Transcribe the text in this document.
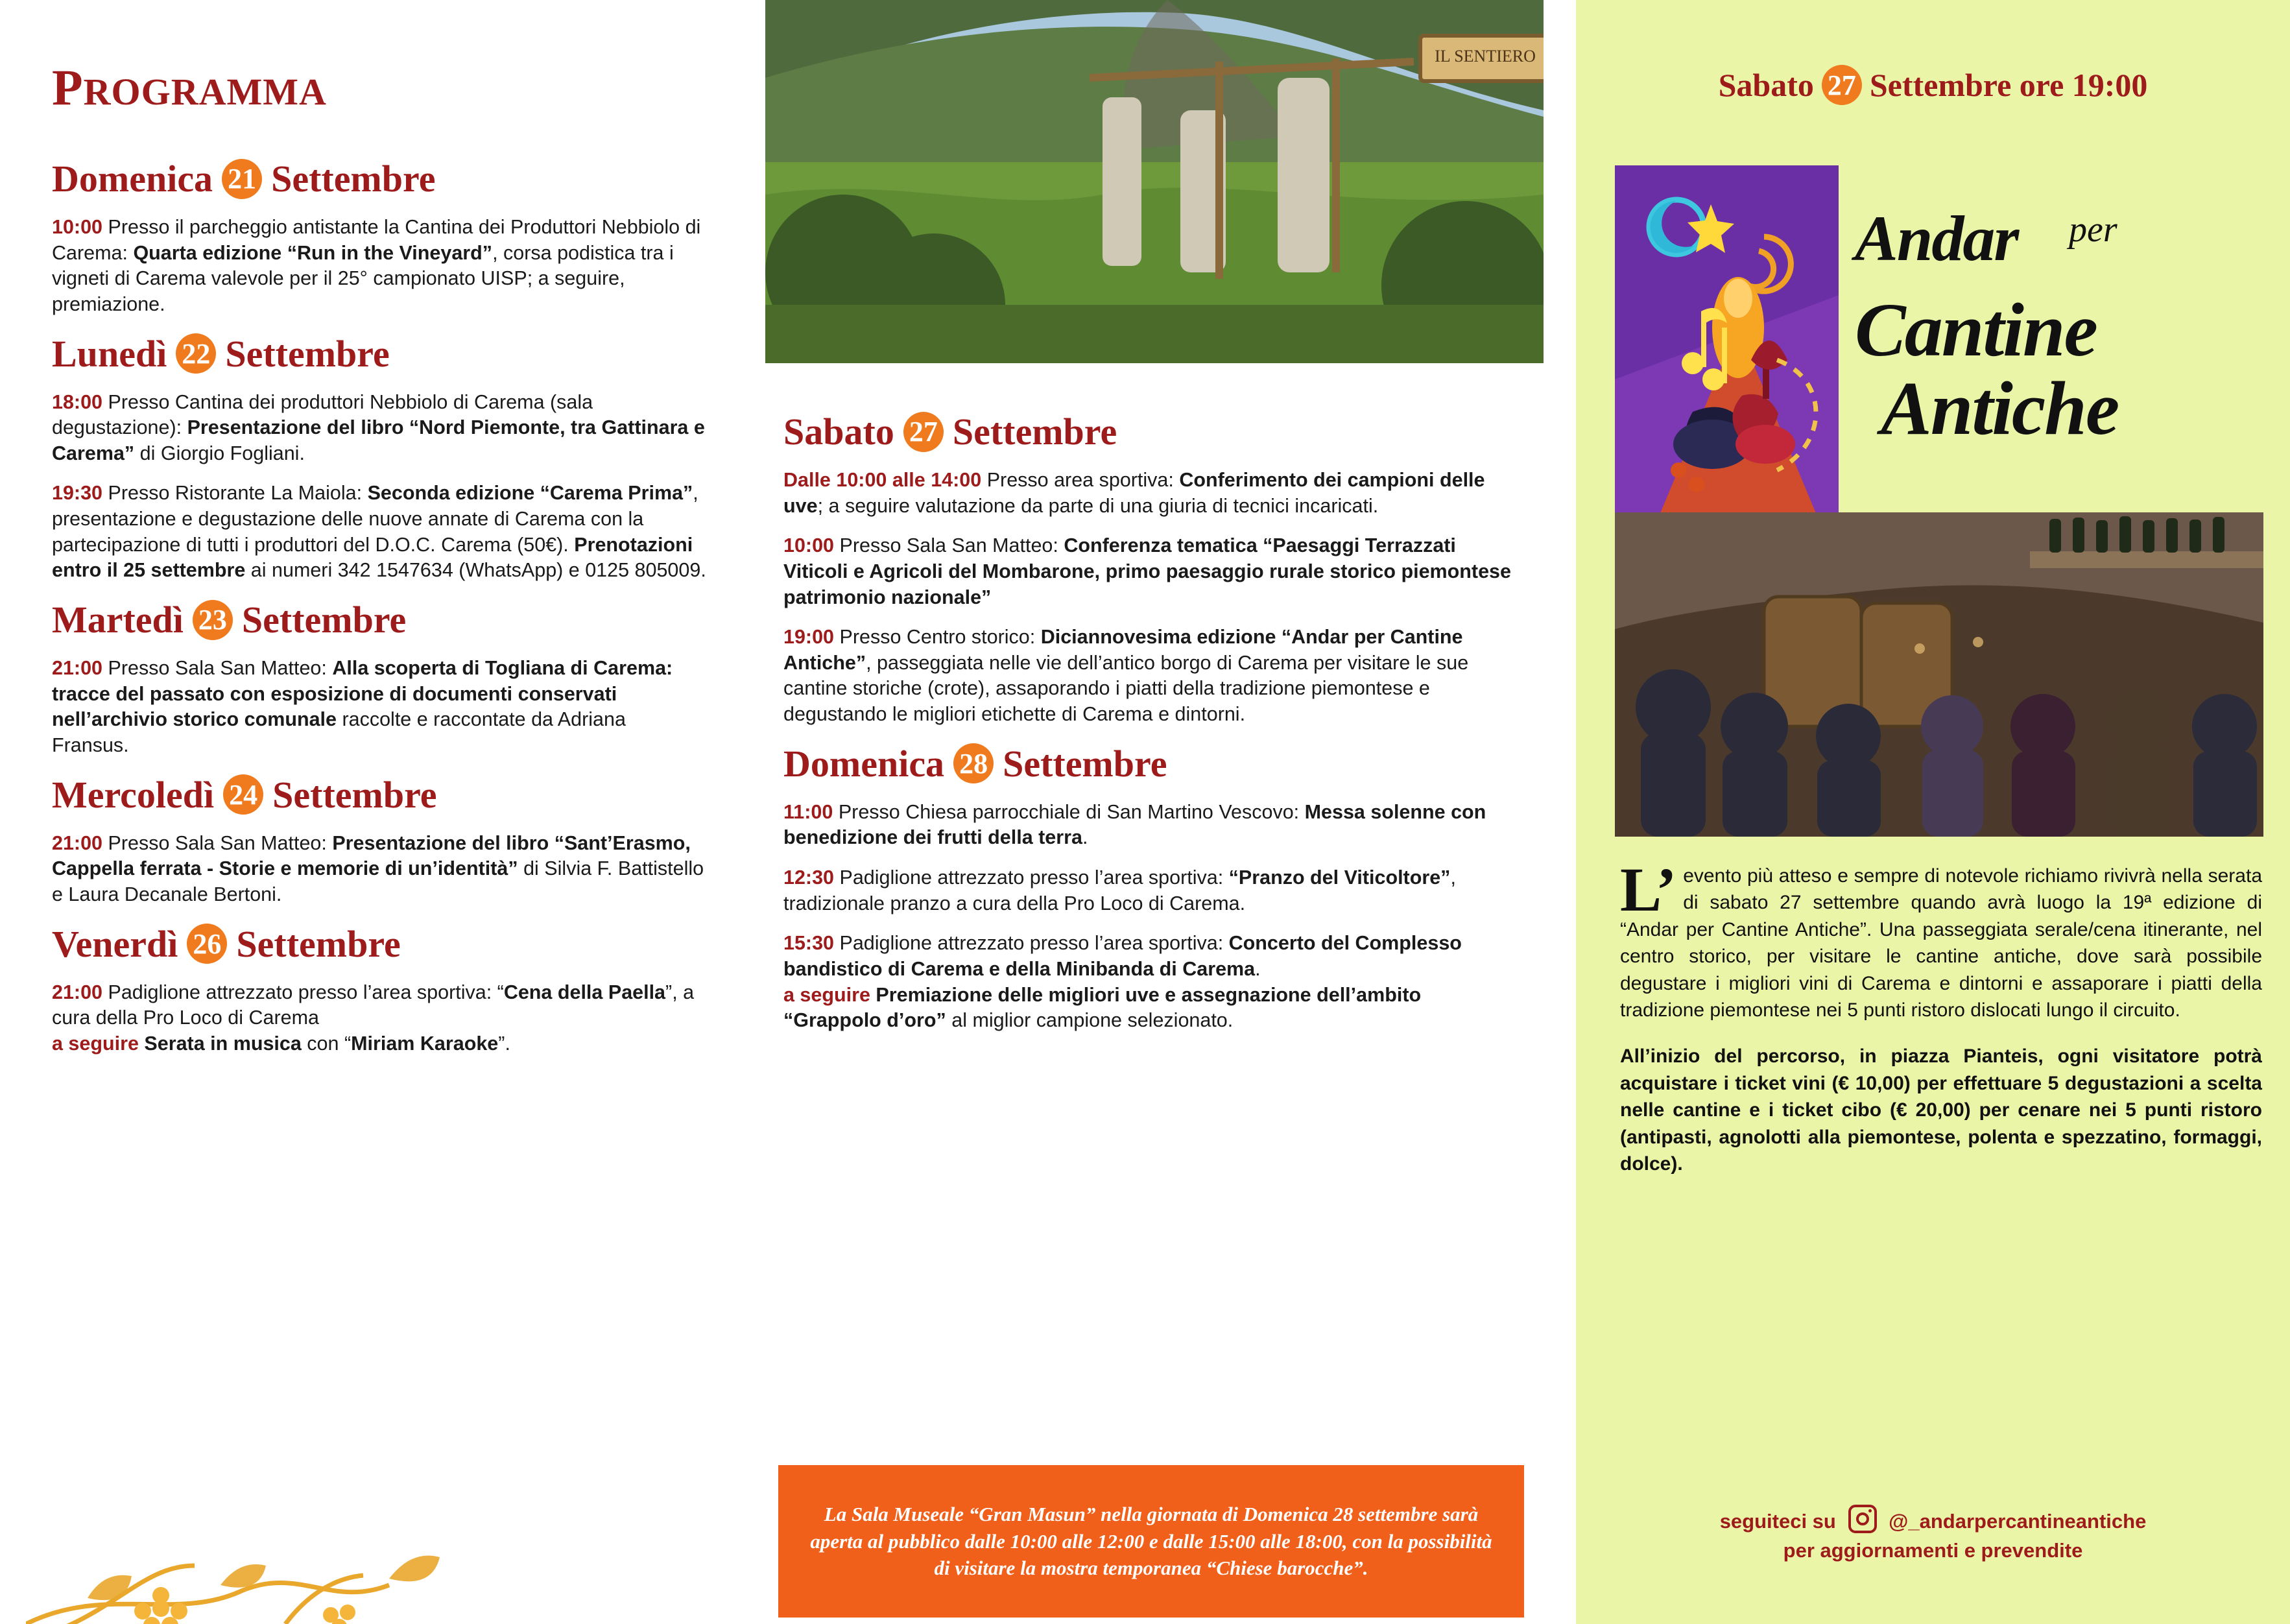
PROGRAMMA
Domenica 21 Settembre
10:00 Presso il parcheggio antistante la Cantina dei Produttori Nebbiolo di Carema: Quarta edizione “Run in the Vineyard”, corsa podistica tra i vigneti di Carema valevole per il 25° campionato UISP; a seguire, premiazione.
Lunedì 22 Settembre
18:00 Presso Cantina dei produttori Nebbiolo di Carema (sala degustazione): Presentazione del libro “Nord Piemonte, tra Gattinara e Carema” di Giorgio Fogliani.
19:30 Presso Ristorante La Maiola: Seconda edizione “Carema Prima”, presentazione e degustazione delle nuove annate di Carema con la partecipazione di tutti i produttori del D.O.C. Carema (50€). Prenotazioni entro il 25 settembre ai numeri 342 1547634 (WhatsApp) e 0125 805009.
Martedì 23 Settembre
21:00 Presso Sala San Matteo: Alla scoperta di Togliana di Carema: tracce del passato con esposizione di documenti conservati nell’archivio storico comunale raccolte e raccontate da Adriana Fransus.
Mercoledì 24 Settembre
21:00 Presso Sala San Matteo: Presentazione del libro “Sant’Erasmo, Cappella ferrata - Storie e memorie di un’identità” di Silvia F. Battistello e Laura Decanale Bertoni.
Venerdì 26 Settembre
21:00 Padiglione attrezzato presso l’area sportiva: “Cena della Paella”, a cura della Pro Loco di Carema
a seguire Serata in musica con “Miriam Karaoke”.
IL SENTIERO
Sabato 27 Settembre
Dalle 10:00 alle 14:00 Presso area sportiva: Conferimento dei campioni delle uve; a seguire valutazione da parte di una giuria di tecnici incaricati.
10:00 Presso Sala San Matteo: Conferenza tematica “Paesaggi Terrazzati Viticoli e Agricoli del Mombarone, primo paesaggio rurale storico piemontese patrimonio nazionale”
19:00 Presso Centro storico: Diciannovesima edizione “Andar per Cantine Antiche”, passeggiata nelle vie dell’antico borgo di Carema per visitare le sue cantine storiche (crote), assaporando i piatti della tradizione piemontese e degustando le migliori etichette di Carema e dintorni.
Domenica 28 Settembre
11:00 Presso Chiesa parrocchiale di San Martino Vescovo: Messa solenne con benedizione dei frutti della terra.
12:30 Padiglione attrezzato presso l’area sportiva: “Pranzo del Viticoltore”, tradizionale pranzo a cura della Pro Loco di Carema.
15:30 Padiglione attrezzato presso l’area sportiva: Concerto del Complesso bandistico di Carema e della Minibanda di Carema.
a seguire Premiazione delle migliori uve e assegnazione dell’ambito “Grappolo d’oro” al miglior campione selezionato.
La Sala Museale “Gran Masun” nella giornata di Domenica 28 settembre sarà aperta al pubblico dalle 10:00 alle 12:00 e dalle 15:00 alle 18:00, con la possibilità di visitare la mostra temporanea “Chiese barocche”.
Sabato 27 Settembre ore 19:00
Andar per
Cantine
Antiche

L’ evento più atteso e sempre di notevole richiamo rivivrà nella serata di sabato 27 settembre quando avrà luogo la 19ª edizione di “Andar per Cantine Antiche”. Una passeggiata serale/cena itinerante, nel centro storico, per visitare le cantine antiche, dove sarà possibile degustare i migliori vini di Carema e dintorni e assaporare i piatti della tradizione piemontese nei 5 punti ristoro dislocati lungo il circuito.

All’inizio del percorso, in piazza Pianteis, ogni visitatore potrà acquistare i ticket vini (€ 10,00) per effettuare 5 degustazioni a scelta nelle cantine e i ticket cibo (€ 20,00) per cenare nei 5 punti ristoro (antipasti, agnolotti alla piemontese, polenta e spezzatino, formaggi, dolce).

seguiteci su	@_andarpercantineantiche
per aggiornamenti e prevendite
